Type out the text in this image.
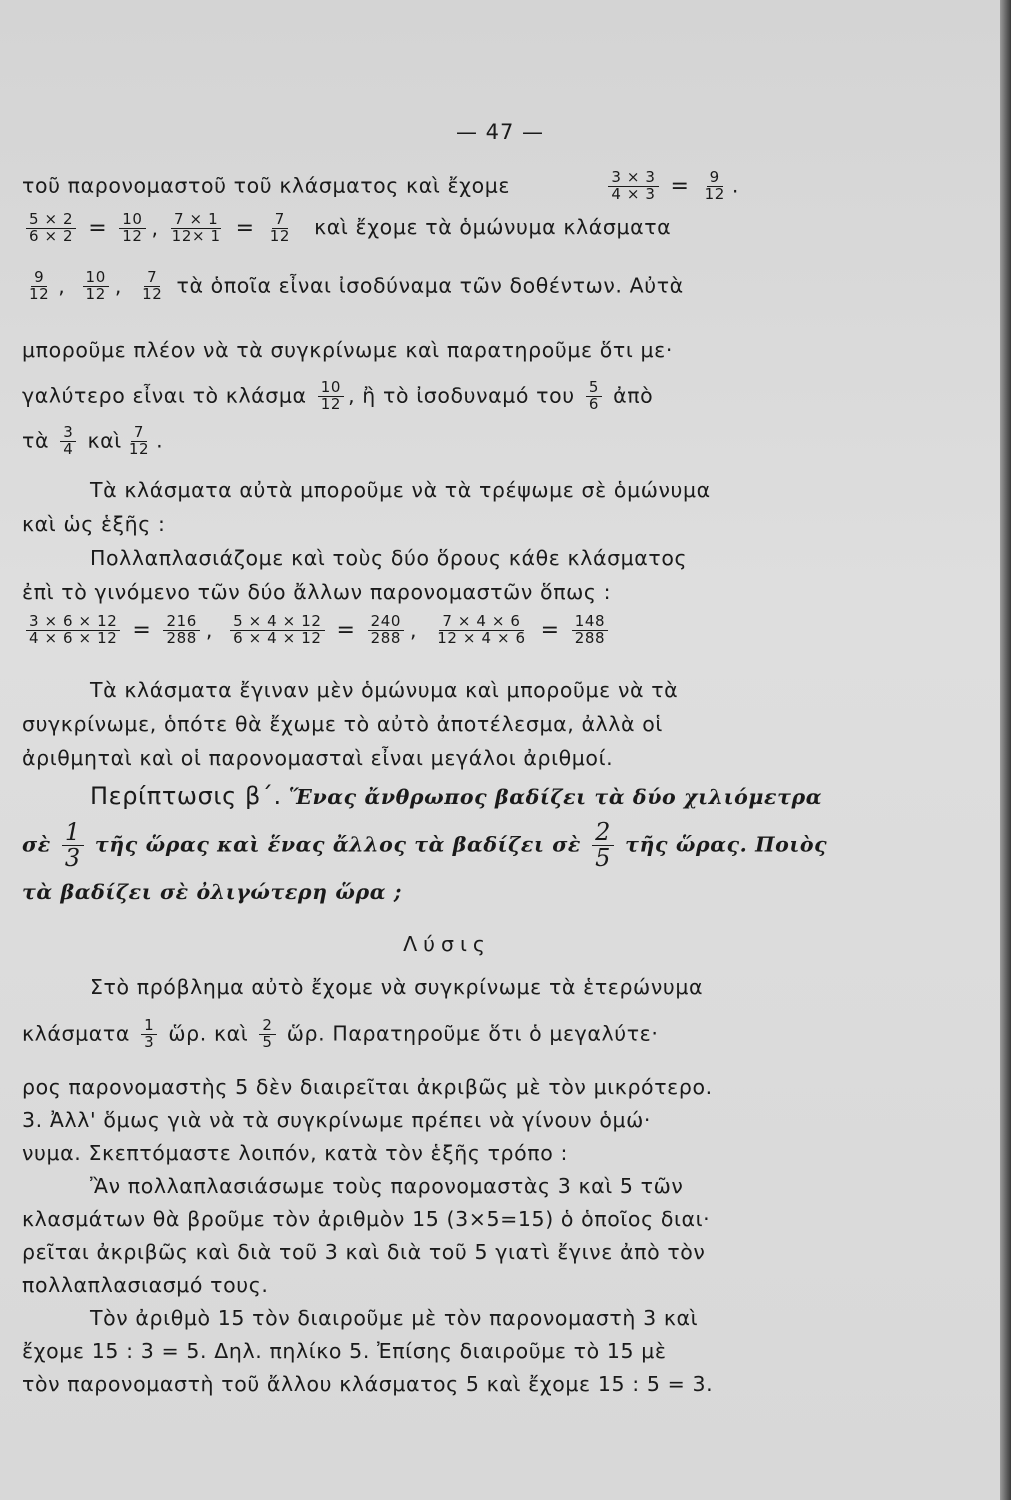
— 47 —
τοῦ παρονομαστοῦ τοῦ κλάσματος καὶ ἔχομε	$\frac{3 \times 3}{4 \times 3} = \frac{9}{12}$ .
$\frac{5 \times 2}{6 \times 2} = \frac{10}{12}$ , $\frac{7 \times 1}{12\times 1} = \frac{7}{12}$ καὶ ἔχομε τὰ ὁμώνυμα κλάσματα
$\frac{9}{12}$ , $\frac{10}{12}$ , $\frac{7}{12}$ τὰ ὁποῖα εἶναι ἰσοδύναμα τῶν δοθέντων. Αὐτὰ
μποροῦμε πλέον νὰ τὰ συγκρίνωμε καὶ παρατηροῦμε ὅτι με·
γαλύτερο εἶναι τὸ κλάσμα $\frac{10}{12}$ , ἢ τὸ ἰσοδυναμό του $\frac{5}{6}$ ἀπὸ
τὰ $\frac{3}{4}$ καὶ $\frac{7}{12}$ .
Τὰ κλάσματα αὐτὰ μποροῦμε νὰ τὰ τρέψωμε σὲ ὁμώνυμα
καὶ ὡς ἑξῆς :
Πολλαπλασιάζομε καὶ τοὺς δύο ὅρους κάθε κλάσματος
ἐπὶ τὸ γινόμενο τῶν δύο ἄλλων παρονομαστῶν ὅπως :
$\frac{3 \times 6 \times 12}{4 \times 6 \times 12} = \frac{216}{288}$ , $\frac{5 \times 4 \times 12}{6 \times 4 \times 12} = \frac{240}{288}$ , $\frac{7 \times 4 \times 6}{12 \times 4 \times 6} = \frac{148}{288}$
Τὰ κλάσματα ἔγιναν μὲν ὁμώνυμα καὶ μποροῦμε νὰ τὰ
συγκρίνωμε, ὁπότε θὰ ἔχωμε τὸ αὐτὸ ἀποτέλεσμα, ἀλλὰ οἱ
ἀριθμηταὶ καὶ οἱ παρονομασταὶ εἶναι μεγάλοι ἀριθμοί.
Περίπτωσις β΄. Ἕνας ἄνθρωπος βαδίζει τὰ δύο χιλιόμετρα
σὲ $\frac{1}{3}$ τῆς ὥρας καὶ ἕνας ἄλλος τὰ βαδίζει σὲ $\frac{2}{5}$ τῆς ὥρας. Ποιὸς
τὰ βαδίζει σὲ ὀλιγώτερη ὥρα ;
Λύσις
Στὸ πρόβλημα αὐτὸ ἔχομε νὰ συγκρίνωμε τὰ ἑτερώνυμα
κλάσματα $\frac{1}{3}$ ὥρ. καὶ $\frac{2}{5}$ ὥρ. Παρατηροῦμε ὅτι ὁ μεγαλύτε·
ρος παρονομαστὴς 5 δὲν διαιρεῖται ἀκριβῶς μὲ τὸν μικρότερο.
3. Ἀλλ' ὅμως γιὰ νὰ τὰ συγκρίνωμε πρέπει νὰ γίνουν ὁμώ·
νυμα. Σκεπτόμαστε λοιπόν, κατὰ τὸν ἑξῆς τρόπο :
Ἂν πολλαπλασιάσωμε τοὺς παρονομαστὰς 3 καὶ 5 τῶν
κλασμάτων θὰ βροῦμε τὸν ἀριθμὸν 15 (3×5=15) ὁ ὁποῖος διαι·
ρεῖται ἀκριβῶς καὶ διὰ τοῦ 3 καὶ διὰ τοῦ 5 γιατὶ ἔγινε ἀπὸ τὸν
πολλαπλασιασμό τους.
Τὸν ἀριθμὸ 15 τὸν διαιροῦμε μὲ τὸν παρονομαστὴ 3 καὶ
ἔχομε 15 : 3 = 5. Δηλ. πηλίκο 5. Ἐπίσης διαιροῦμε τὸ 15 μὲ
τὸν παρονομαστὴ τοῦ ἄλλου κλάσματος 5 καὶ ἔχομε 15 : 5 = 3.
